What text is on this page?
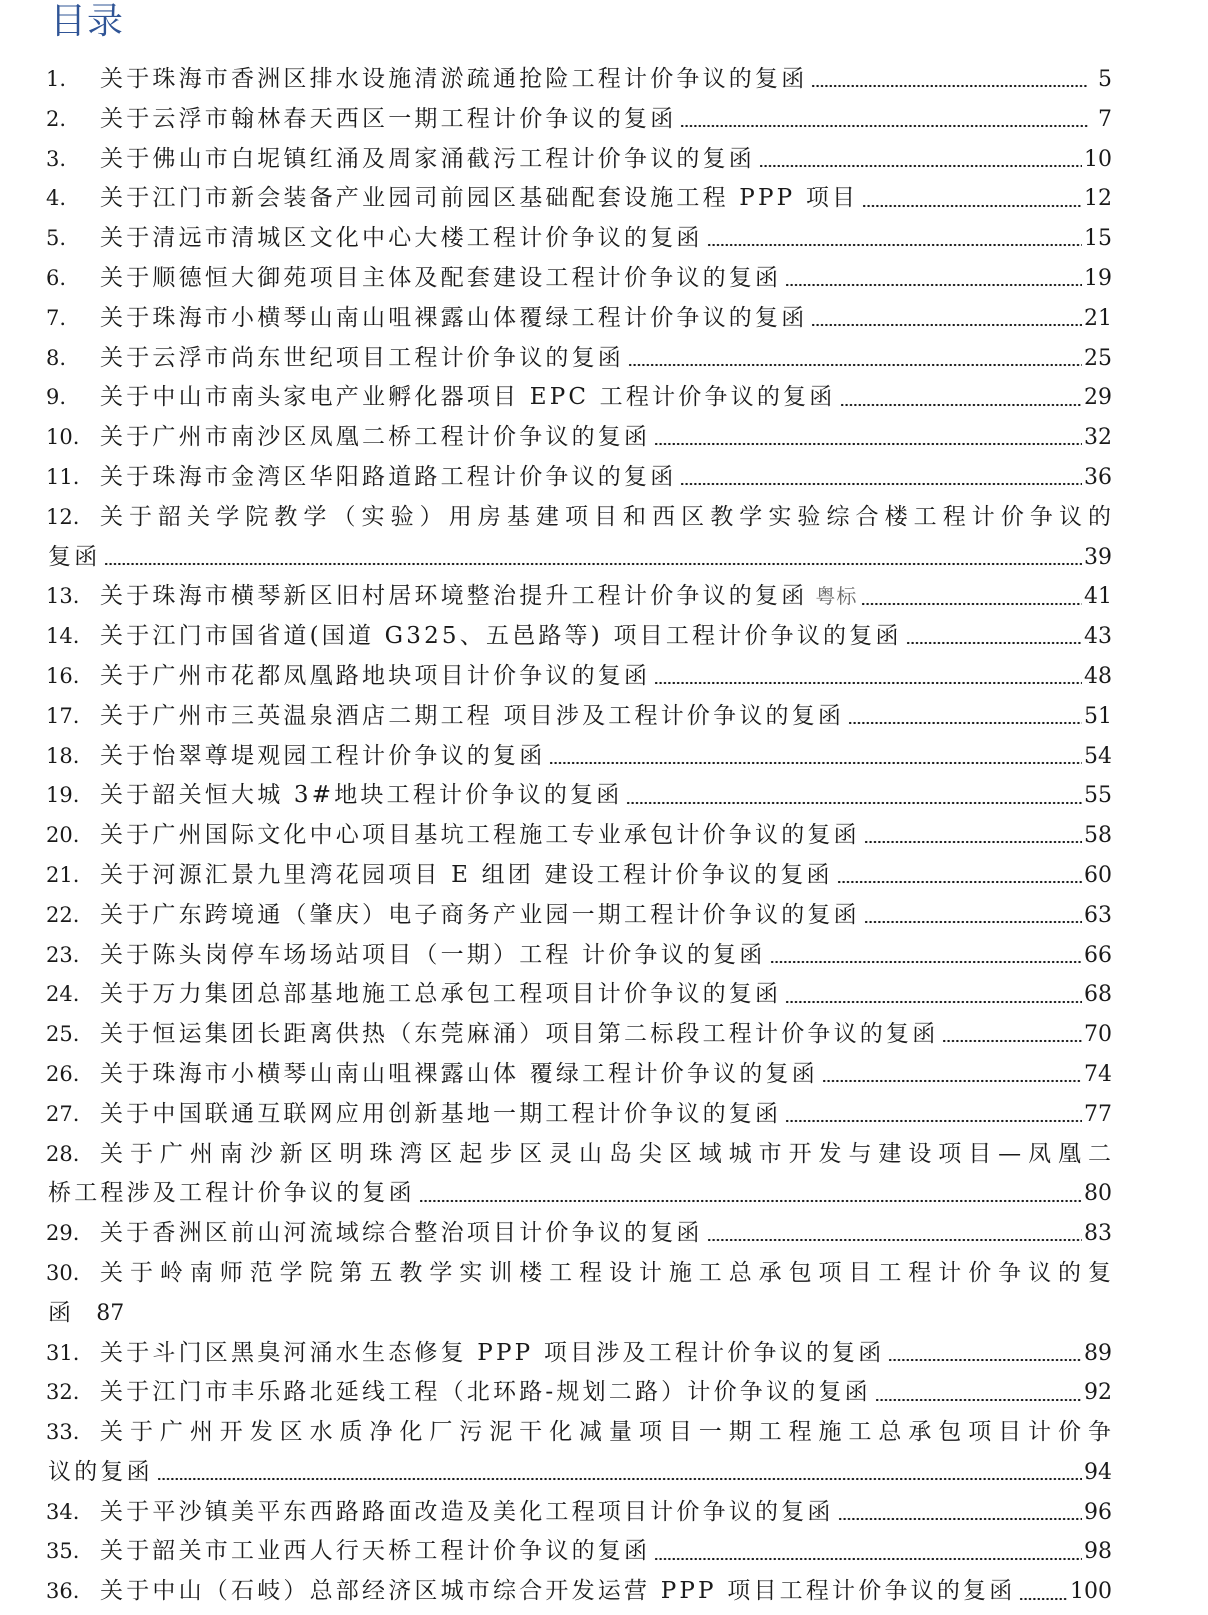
目录
1. 关于珠海市香洲区排水设施清淤疏通抢险工程计价争议的复函	5
2. 关于云浮市翰林春天西区一期工程计价争议的复函	7
3. 关于佛山市白坭镇红涌及周家涌截污工程计价争议的复函	10
4. 关于江门市新会装备产业园司前园区基础配套设施工程 PPP 项目	12
5. 关于清远市清城区文化中心大楼工程计价争议的复函	15
6. 关于顺德恒大御苑项目主体及配套建设工程计价争议的复函	19
7. 关于珠海市小横琴山南山咀裸露山体覆绿工程计价争议的复函	21
8. 关于云浮市尚东世纪项目工程计价争议的复函	25
9. 关于中山市南头家电产业孵化器项目 EPC 工程计价争议的复函	29
10. 关于广州市南沙区凤凰二桥工程计价争议的复函	32
11. 关于珠海市金湾区华阳路道路工程计价争议的复函	36
12. 关于韶关学院教学（实验）用房基建项目和西区教学实验综合楼工程计价争议的
复函	39
13. 关于珠海市横琴新区旧村居环境整治提升工程计价争议的复函 粤标	41
14. 关于江门市国省道(国道 G325、五邑路等) 项目工程计价争议的复函	43
16. 关于广州市花都凤凰路地块项目计价争议的复函	48
17. 关于广州市三英温泉酒店二期工程 项目涉及工程计价争议的复函	51
18. 关于怡翠尊堤观园工程计价争议的复函	54
19. 关于韶关恒大城 3#地块工程计价争议的复函	55
20. 关于广州国际文化中心项目基坑工程施工专业承包计价争议的复函	58
21. 关于河源汇景九里湾花园项目 E 组团 建设工程计价争议的复函	60
22. 关于广东跨境通（肇庆）电子商务产业园一期工程计价争议的复函	63
23. 关于陈头岗停车场场站项目（一期）工程 计价争议的复函	66
24. 关于万力集团总部基地施工总承包工程项目计价争议的复函	68
25. 关于恒运集团长距离供热（东莞麻涌）项目第二标段工程计价争议的复函	70
26. 关于珠海市小横琴山南山咀裸露山体 覆绿工程计价争议的复函	74
27. 关于中国联通互联网应用创新基地一期工程计价争议的复函	77
28. 关于广州南沙新区明珠湾区起步区灵山岛尖区域城市开发与建设项目—凤凰二
桥工程涉及工程计价争议的复函	80
29. 关于香洲区前山河流域综合整治项目计价争议的复函	83
30. 关于岭南师范学院第五教学实训楼工程设计施工总承包项目工程计价争议的复
函 87
31. 关于斗门区黑臭河涌水生态修复 PPP 项目涉及工程计价争议的复函	89
32. 关于江门市丰乐路北延线工程（北环路-规划二路）计价争议的复函	92
33. 关于广州开发区水质净化厂污泥干化减量项目一期工程施工总承包项目计价争
议的复函	94
34. 关于平沙镇美平东西路路面改造及美化工程项目计价争议的复函	96
35. 关于韶关市工业西人行天桥工程计价争议的复函	98
36. 关于中山（石岐）总部经济区城市综合开发运营 PPP 项目工程计价争议的复函 100
